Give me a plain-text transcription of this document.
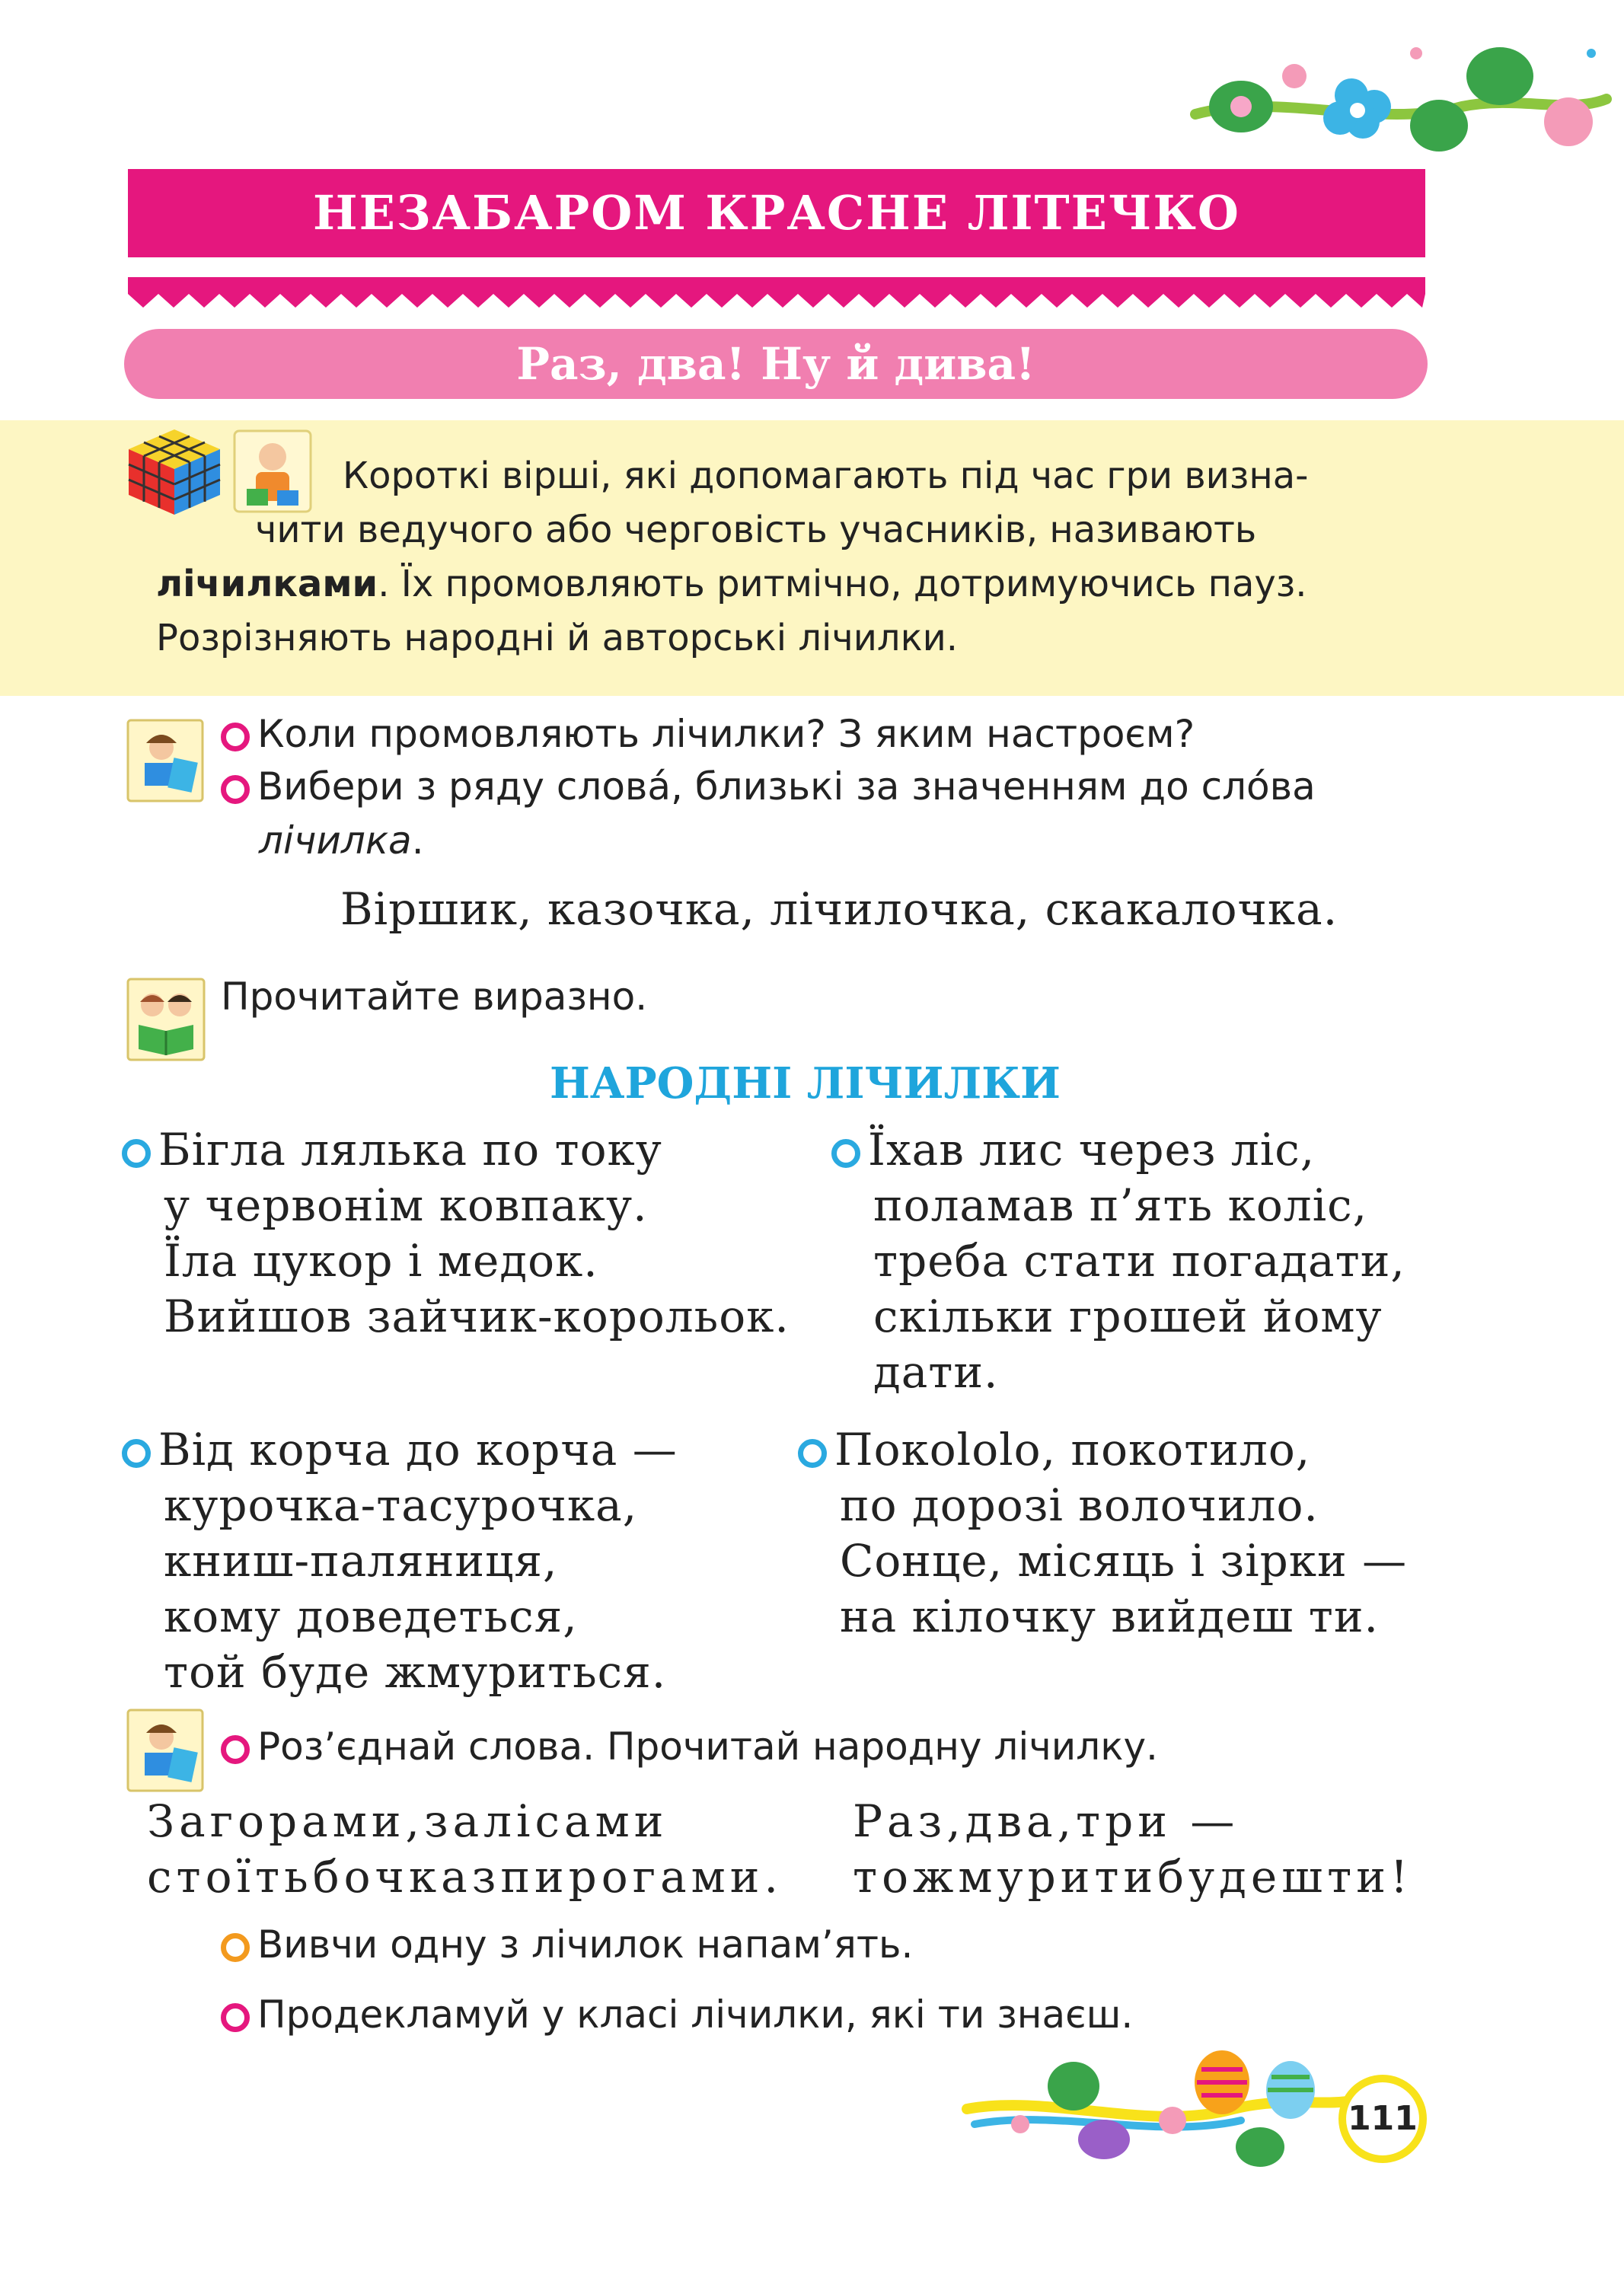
НЕЗАБАРОМ КРАСНЕ ЛІТЕЧКО
Раз, два! Ну й дива!
Короткі вірші, які допомагають під час гри визна-
чити ведучого або черговість учасників, називають
лічилками. Їх промовляють ритмічно, дотримуючись пауз.
Розрізняють народні й авторські лічилки.
Коли промовляють лічилки? З яким настроєм?
Вибери з ряду слова́, близькі за значенням до сло́ва
лічилка.
Віршик, казочка, лічилочка, скакалочка.
Прочитайте виразно.
НАРОДНІ ЛІЧИЛКИ
Бігла лялька по току
у червонім ковпаку.
Їла цукор і медок.
Вийшов зайчик-корольок.
Їхав лис через ліс,
поламав п’ять коліс,
треба стати погадати,
скільки грошей йому
дати.
Від корча до корча —
курочка-тасурочка,
книш-паляниця,
кому доведеться,
той буде жмуриться.
Покololo, покотило,
по дорозі волочило.
Сонце, місяць і зірки —
на кілочку вийдеш ти.
Роз’єднай слова. Прочитай народну лічилку.
Загорами,залісами
стоїтьбочказпирогами.
Раз,два,три —
тожмуритибудешти!
Вивчи одну з лічилок напам’ять.
Продекламуй у класі лічилки, які ти знаєш.
111
